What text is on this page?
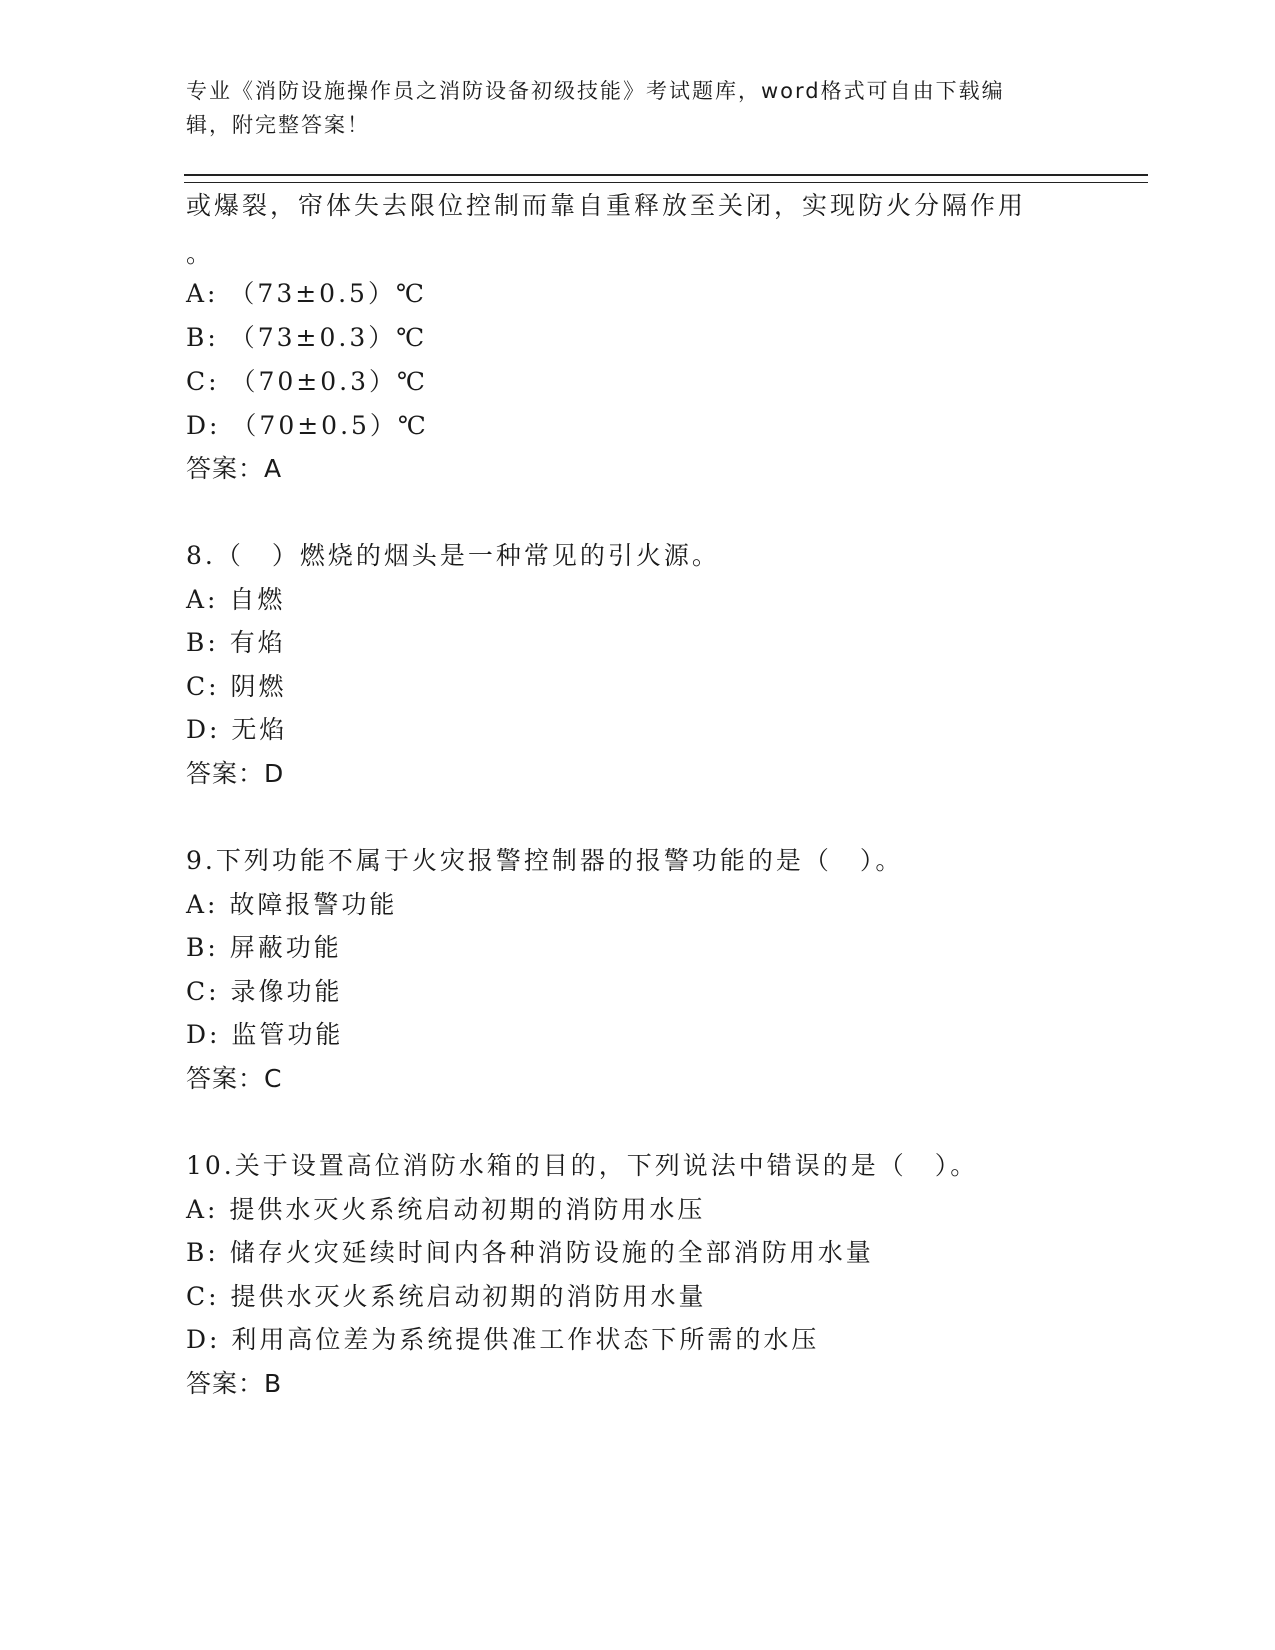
专业《消防设施操作员之消防设备初级技能》考试题库，word格式可自由下载编
辑，附完整答案！
或爆裂，帘体失去限位控制而靠自重释放至关闭，实现防火分隔作用
。
A: （73±0.5）℃
B: （73±0.3）℃
C: （70±0.3）℃
D: （70±0.5）℃
答案：A
8.（　）燃烧的烟头是一种常见的引火源。
A: 自燃
B: 有焰
C: 阴燃
D: 无焰
答案：D
9.下列功能不属于火灾报警控制器的报警功能的是（　）。
A: 故障报警功能
B: 屏蔽功能
C: 录像功能
D: 监管功能
答案：C
10.关于设置高位消防水箱的目的，下列说法中错误的是（　）。
A: 提供水灭火系统启动初期的消防用水压
B: 储存火灾延续时间内各种消防设施的全部消防用水量
C: 提供水灭火系统启动初期的消防用水量
D: 利用高位差为系统提供准工作状态下所需的水压
答案：B
